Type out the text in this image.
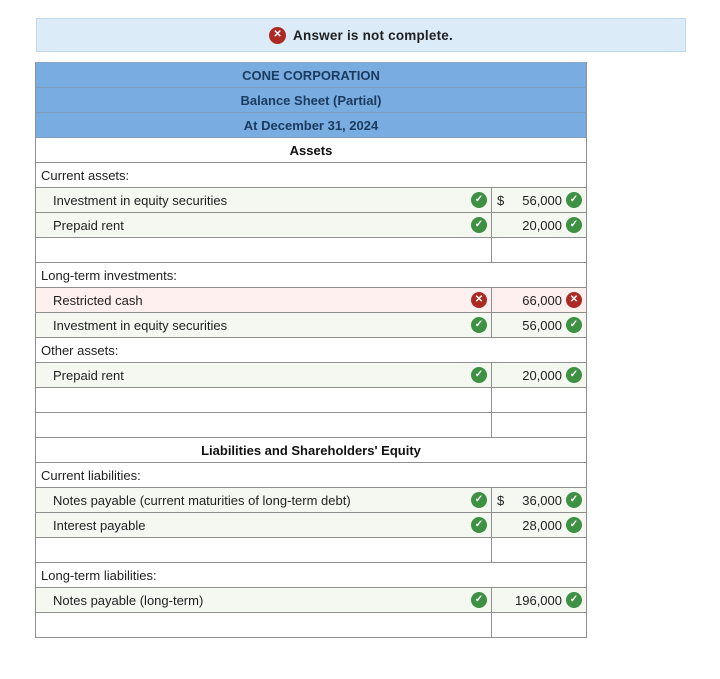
✕ Answer is not complete.
CONE CORPORATION	
Balance Sheet (Partial)	
At December 31, 2024	
Assets	
Current assets:	

Investment in equity securities ✓	$ 56,000 ✓

Prepaid rent ✓	20,000 ✓

Long-term investments:	

Restricted cash ✕	66,000 ✕

Investment in equity securities ✓	56,000 ✓

Other assets:	

Prepaid rent ✓	20,000 ✓

Liabilities and Shareholders' Equity	
Current liabilities:	

Notes payable (current maturities of long-term debt) ✓	$ 36,000 ✓

Interest payable ✓	28,000 ✓

Long-term liabilities:	

Notes payable (long-term) ✓	196,000 ✓
